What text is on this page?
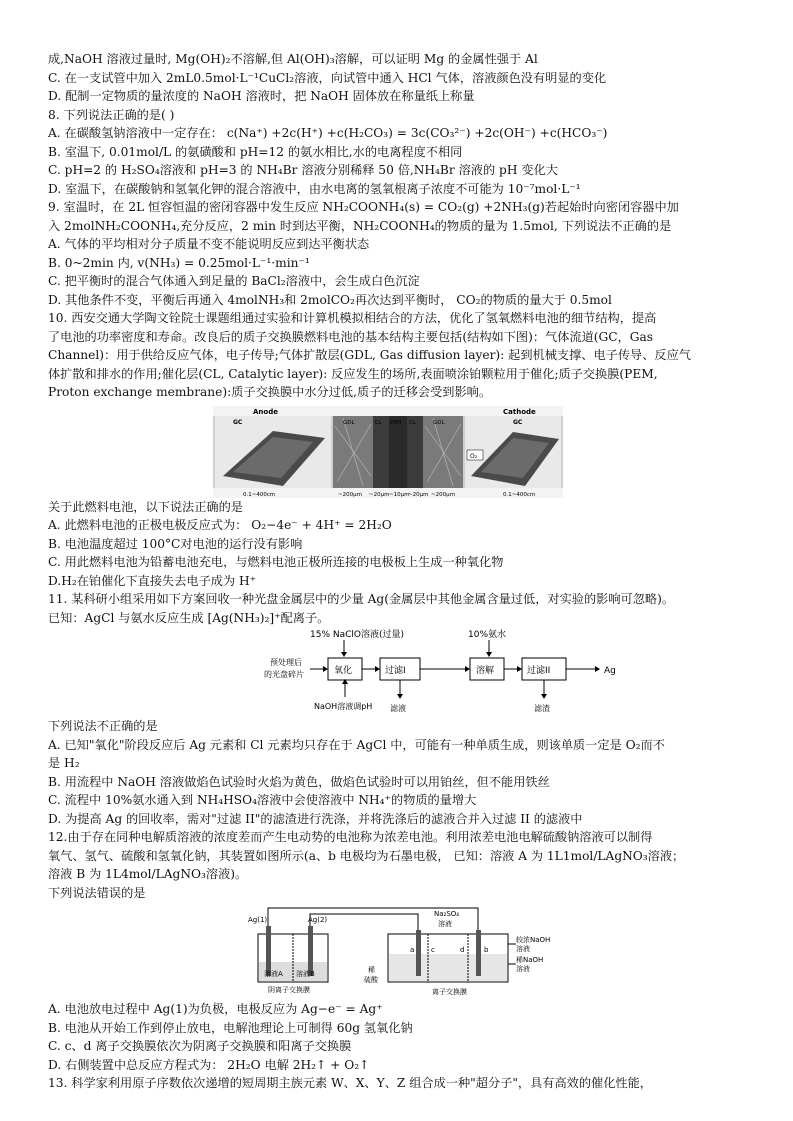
成,NaOH 溶液过量时, Mg(OH)₂不溶解,但 Al(OH)₃溶解，可以证明 Mg 的金属性强于 Al
C. 在一支试管中加入 2mL0.5mol·L⁻¹CuCl₂溶液，向试管中通入 HCl 气体，溶液颜色没有明显的变化
D. 配制一定物质的量浓度的 NaOH 溶液时，把 NaOH 固体放在称量纸上称量
8. 下列说法正确的是( )
A. 在碳酸氢钠溶液中一定存在： c(Na⁺) +2c(H⁺) +c(H₂CO₃) = 3c(CO₃²⁻) +2c(OH⁻) +c(HCO₃⁻)
B. 室温下, 0.01mol/L 的氨磺酸和 pH=12 的氨水相比,水的电离程度不相同
C. pH=2 的 H₂SO₄溶液和 pH=3 的 NH₄Br 溶液分别稀释 50 倍,NH₄Br 溶液的 pH 变化大
D. 室温下，在碳酸钠和氢氧化钾的混合溶液中，由水电离的氢氧根离子浓度不可能为 10⁻⁷mol·L⁻¹
9. 室温时，在 2L 恒容恒温的密闭容器中发生反应 NH₂COONH₄(s) = CO₂(g) +2NH₃(g)若起始时向密闭容器中加
入 2molNH₂COONH₄,充分反应，2 min 时到达平衡，NH₂COONH₄的物质的量为 1.5mol, 下列说法不正确的是
A. 气体的平均相对分子质量不变不能说明反应到达平衡状态
B. 0~2min 内, v(NH₃) = 0.25mol·L⁻¹·min⁻¹
C. 把平衡时的混合气体通入到足量的 BaCl₂溶液中，会生成白色沉淀
D. 其他条件不变，平衡后再通入 4molNH₃和 2molCO₂再次达到平衡时， CO₂的物质的量大于 0.5mol
10. 西安交通大学陶文铨院士课题组通过实验和计算机模拟相结合的方法，优化了氢氧燃料电池的细节结构，提高
了电池的功率密度和寿命。改良后的质子交换膜燃料电池的基本结构主要包括(结构如下图)：气体流道(GC，Gas
Channel)：用于供给反应气体，电子传导;气体扩散层(GDL, Gas diffusion layer): 起到机械支撑、电子传导、反应气
体扩散和排水的作用;催化层(CL, Catalytic layer): 反应发生的场所,表面喷涂铂颗粒用于催化;质子交换膜(PEM,
Proton exchange membrane):质子交换膜中水分过低,质子的迁移会受到影响。
Anode	Cathode
GC	GDL	CL PEM CL	GDL	GC
O₂
0.1~400cm	~200μm ~20μm ~10μm
~20μm ~200μm	0.1~400cm
关于此燃料电池，以下说法正确的是
A. 此燃料电池的正极电极反应式为： O₂−4e⁻ + 4H⁺ = 2H₂O
B. 电池温度超过 100°C对电池的运行没有影响
C. 用此燃料电池为铅蓄电池充电，与燃料电池正极所连接的电极板上生成一种氧化物
D.H₂在铂催化下直接失去电子成为 H⁺
11. 某科研小组采用如下方案回收一种光盘金属层中的少量 Ag(金属层中其他金属含量过低，对实验的影响可忽略)。
已知：AgCl 与氨水反应生成 [Ag(NH₃)₂]⁺配离子。
15% NaClO溶液(过量)	10%氨水
预处理后
的光盘碎片	氧化	过滤I	溶解	过滤II	Ag
NaOH溶液调pH 滤液	滤渣
下列说法不正确的是
A. 已知"氧化"阶段反应后 Ag 元素和 Cl 元素均只存在于 AgCl 中，可能有一种单质生成，则该单质一定是 O₂而不
是 H₂
B. 用流程中 NaOH 溶液做焰色试验时火焰为黄色，做焰色试验时可以用铂丝，但不能用铁丝
C. 流程中 10%氨水通入到 NH₄HSO₄溶液中会使溶液中 NH₄⁺的物质的量增大
D. 为提高 Ag 的回收率，需对"过滤 II"的滤渣进行洗涤，并将洗涤后的滤液合并入过滤 II 的滤液中
12.由于存在同种电解质溶液的浓度差而产生电动势的电池称为浓差电池。利用浓差电池电解硫酸钠溶液可以制得
氧气、氢气、硫酸和氢氧化钠，其装置如图所示(a、b 电极均为石墨电极， 已知：溶液 A 为 1L1mol/LAgNO₃溶液；
溶液 B 为 1L4mol/LAgNO₃溶液)。
下列说法错误的是
Ag(1)	Ag(2)
溶液A 溶液B
阴离子交换膜
Na₂SO₄
溶液
a	b
c	d
稀
硫酸
离子交换膜
较浓NaOH
溶液
稀NaOH
溶液
A. 电池放电过程中 Ag(1)为负极，电极反应为 Ag−e⁻ = Ag⁺
B. 电池从开始工作到停止放电，电解池理论上可制得 60g 氢氧化钠
C. c、d 离子交换膜依次为阴离子交换膜和阳离子交换膜
D. 右侧装置中总反应方程式为： 2H₂O 电解 2H₂↑ + O₂↑
13. 科学家利用原子序数依次递增的短周期主族元素 W、X、Y、Z 组合成一种"超分子"，具有高效的催化性能，
